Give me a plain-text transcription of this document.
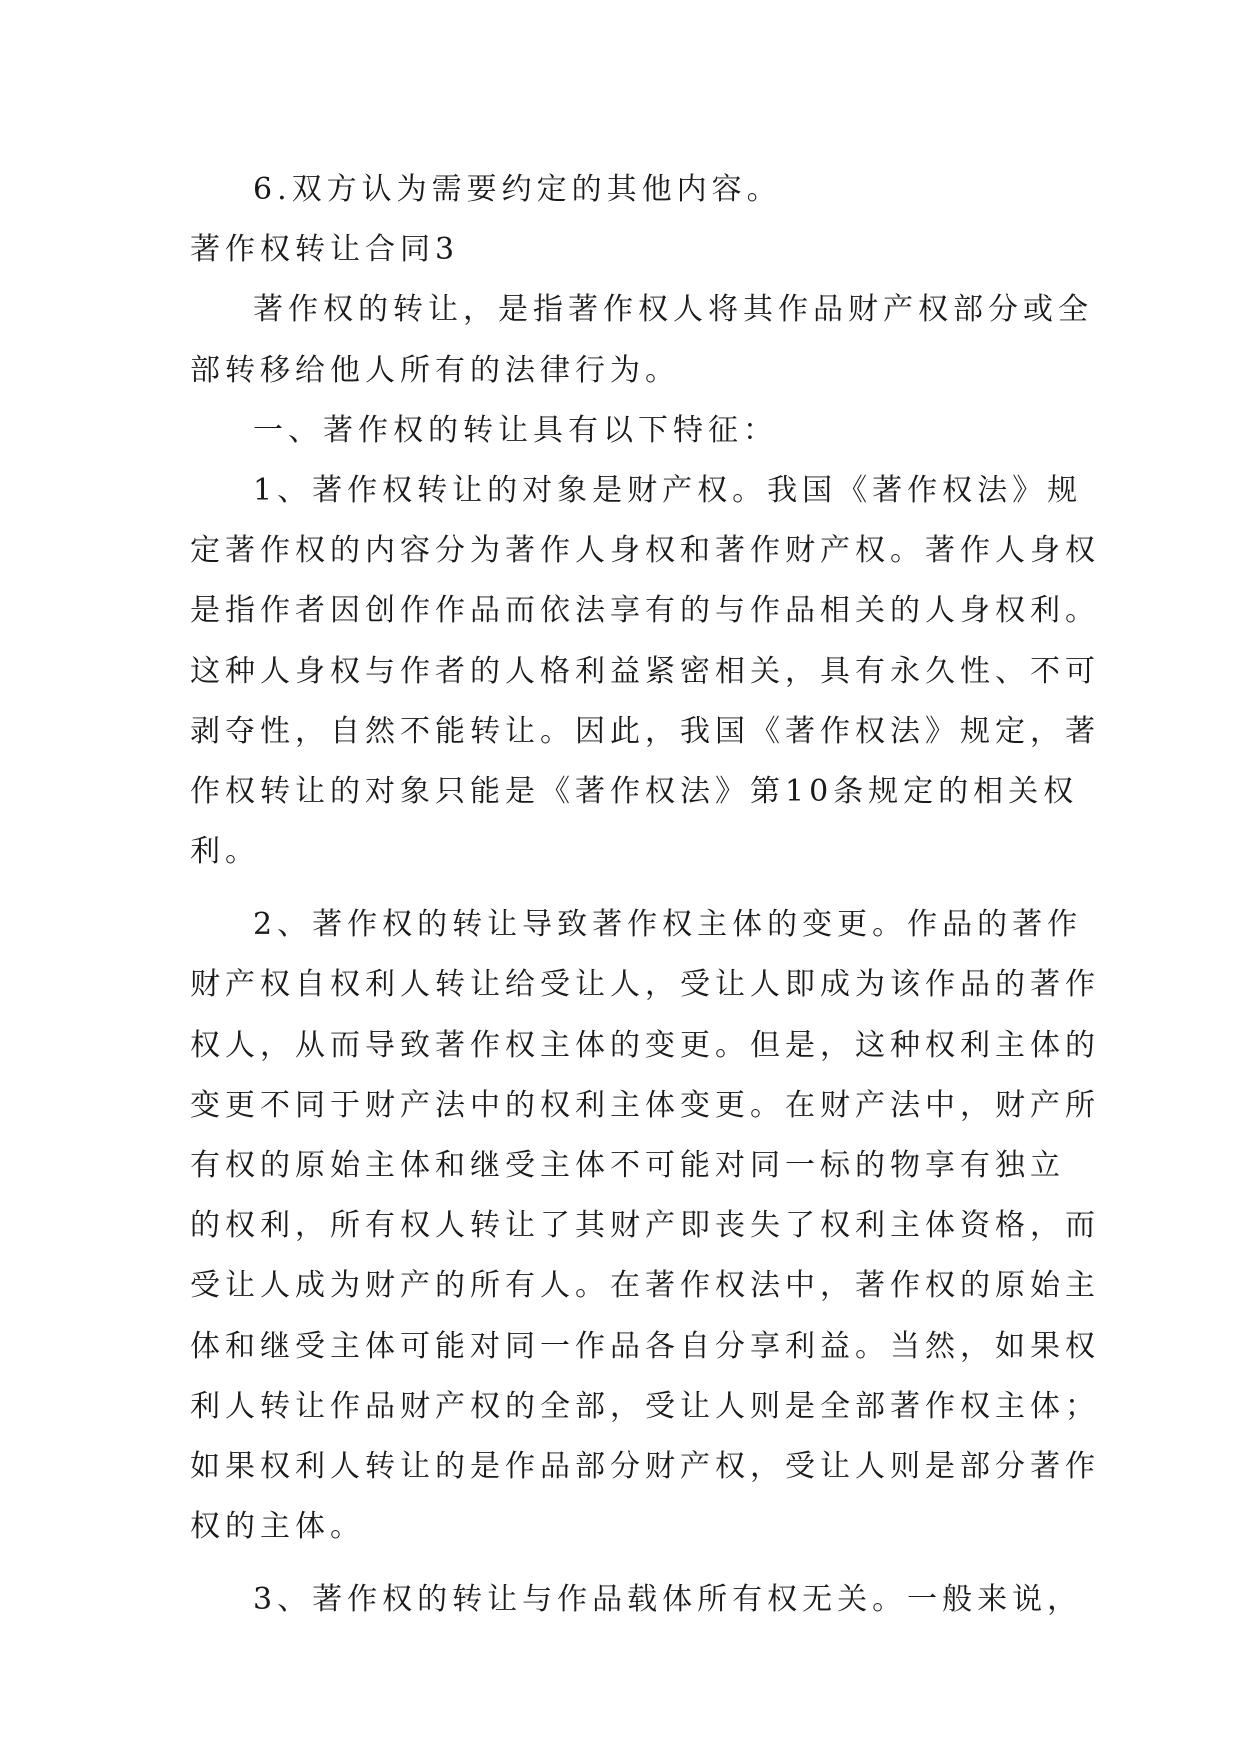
6.双方认为需要约定的其他内容。
著作权转让合同3
著作权的转让，是指著作权人将其作品财产权部分或全
部转移给他人所有的法律行为。
一、著作权的转让具有以下特征：
1、著作权转让的对象是财产权。我国《著作权法》规
定著作权的内容分为著作人身权和著作财产权。著作人身权
是指作者因创作作品而依法享有的与作品相关的人身权利。
这种人身权与作者的人格利益紧密相关，具有永久性、不可
剥夺性，自然不能转让。因此，我国《著作权法》规定，著
作权转让的对象只能是《著作权法》第10条规定的相关权
利。
2、著作权的转让导致著作权主体的变更。作品的著作
财产权自权利人转让给受让人，受让人即成为该作品的著作
权人，从而导致著作权主体的变更。但是，这种权利主体的
变更不同于财产法中的权利主体变更。在财产法中，财产所
有权的原始主体和继受主体不可能对同一标的物享有独立
的权利，所有权人转让了其财产即丧失了权利主体资格，而
受让人成为财产的所有人。在著作权法中，著作权的原始主
体和继受主体可能对同一作品各自分享利益。当然，如果权
利人转让作品财产权的全部，受让人则是全部著作权主体；
如果权利人转让的是作品部分财产权，受让人则是部分著作
权的主体。
3、著作权的转让与作品载体所有权无关。一般来说，
